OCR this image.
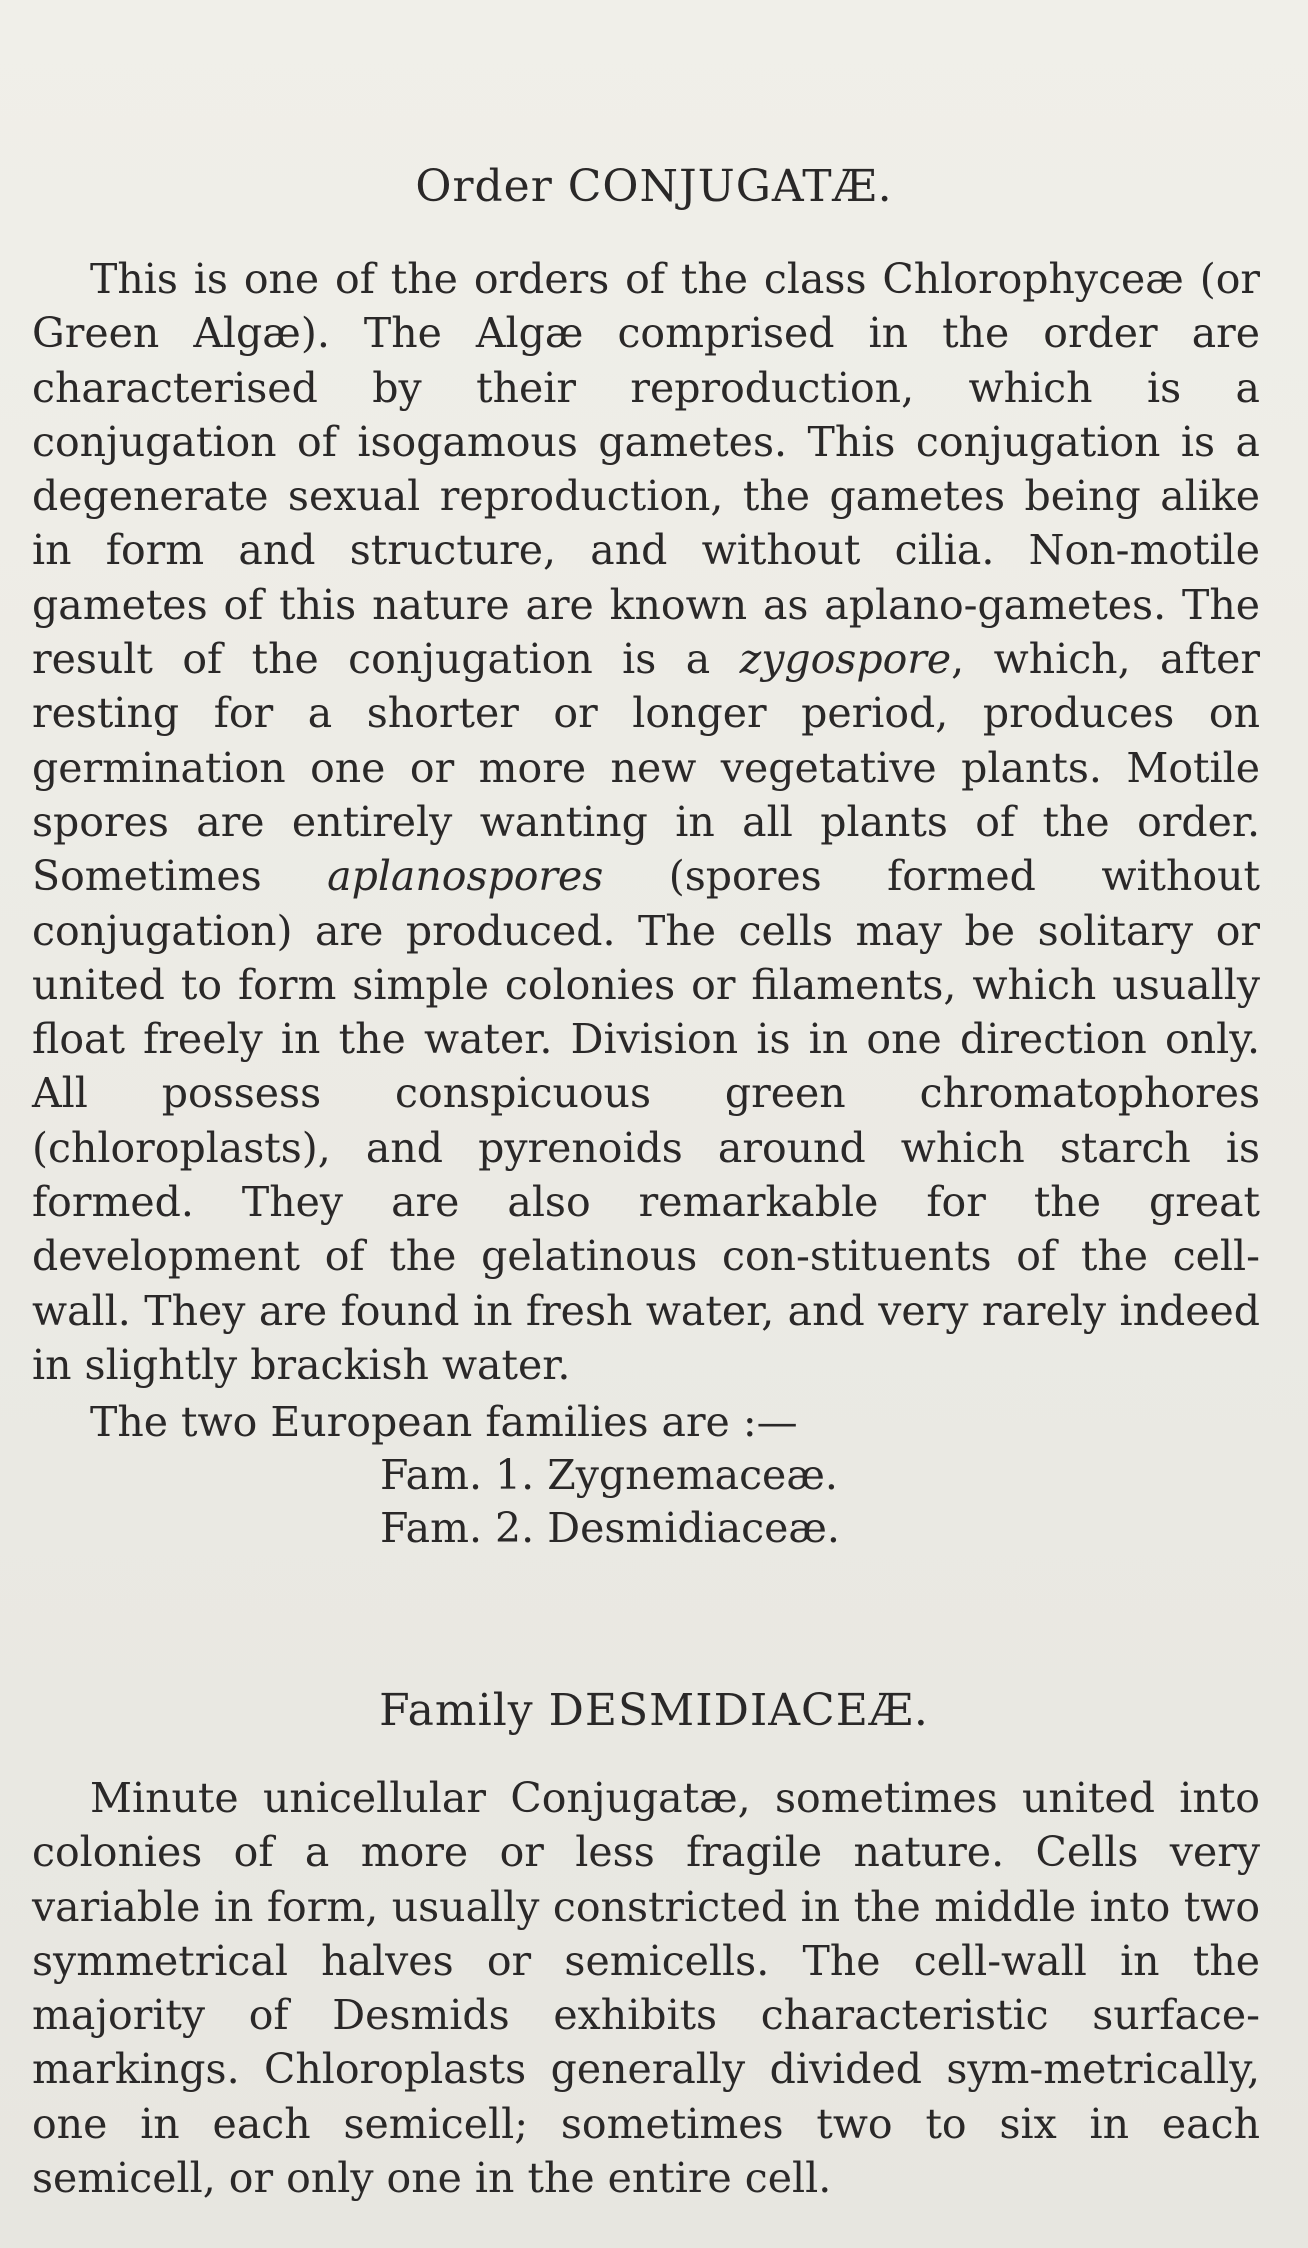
Order CONJUGATÆ.

This is one of the orders of the class Chlorophyceæ (or Green Algæ). The Algæ comprised in the order are characterised by their reproduction, which is a conjugation of isogamous gametes. This conjugation is a degenerate sexual reproduction, the gametes being alike in form and structure, and without cilia. Non-motile gametes of this nature are known as aplano-gametes. The result of the conjugation is a zygospore, which, after resting for a shorter or longer period, produces on germination one or more new vegetative plants. Motile spores are entirely wanting in all plants of the order. Sometimes aplanospores (spores formed without conjugation) are produced. The cells may be solitary or united to form simple colonies or filaments, which usually float freely in the water. Division is in one direction only. All possess conspicuous green chromatophores (chloroplasts), and pyrenoids around which starch is formed. They are also remarkable for the great development of the gelatinous con-stituents of the cell-wall. They are found in fresh water, and very rarely indeed in slightly brackish water.

The two European families are :—
Fam. 1. Zygnemaceæ.
Fam. 2. Desmidiaceæ.
Family DESMIDIACEÆ.

Minute unicellular Conjugatæ, sometimes united into colonies of a more or less fragile nature. Cells very variable in form, usually constricted in the middle into two symmetrical halves or semicells. The cell-wall in the majority of Desmids exhibits characteristic surface-markings. Chloroplasts generally divided sym-metrically, one in each semicell; sometimes two to six in each semicell, or only one in the entire cell.
